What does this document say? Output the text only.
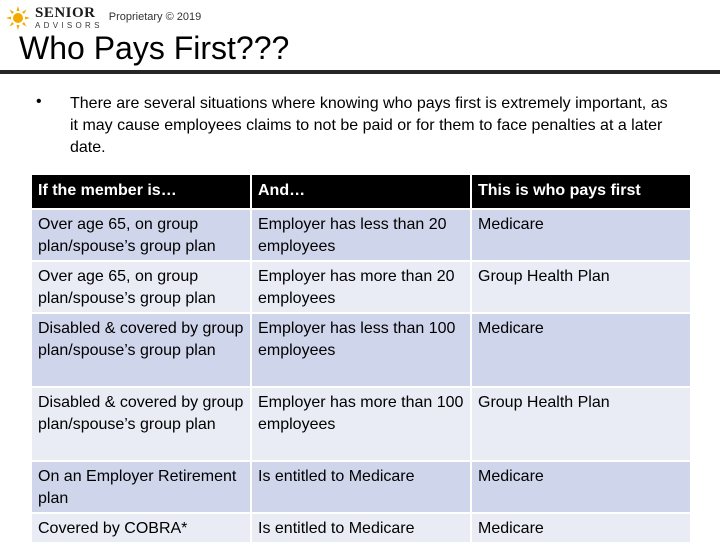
SENIOR
ADVISORS
Proprietary © 2019
Who Pays First???
• There are several situations where knowing who pays first is extremely important, as it may cause employees claims to not be paid or for them to face penalties at a later date.

If the member is…	And…	This is who pays first
Over age 65, on group plan/spouse’s group plan	Employer has less than 20 employees	Medicare
Over age 65, on group plan/spouse’s group plan	Employer has more than 20 employees	Group Health Plan
Disabled & covered by group plan/spouse’s group plan	Employer has less than 100 employees	Medicare
Disabled & covered by group plan/spouse’s group plan	Employer has more than 100 employees	Group Health Plan
On an Employer Retirement plan	Is entitled to Medicare	Medicare
Covered by COBRA*	Is entitled to Medicare	Medicare
